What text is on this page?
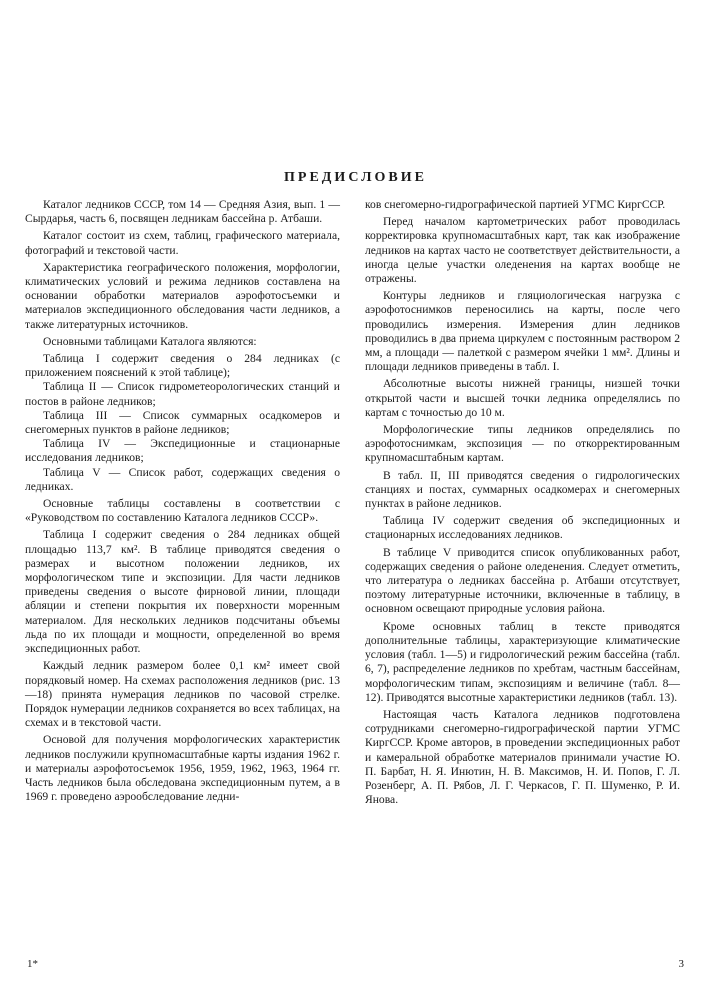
ПРЕДИСЛОВИЕ

Каталог ледников СССР, том 14 — Средняя Азия, вып. 1 — Сырдарья, часть 6, посвящен ледникам бассейна р. Атбаши.

Каталог состоит из схем, таблиц, графического материала, фотографий и текстовой части.

Характеристика географического положения, морфологии, климатических условий и режима ледников составлена на основании обработки материалов аэрофотосъемки и материалов экспедиционного обследования части ледников, а также литературных источников.

Основными таблицами Каталога являются:

Таблица I содержит сведения о 284 ледниках (с приложением пояснений к этой таблице);

Таблица II — Список гидрометеорологических станций и постов в районе ледников;

Таблица III — Список суммарных осадкомеров и снегомерных пунктов в районе ледников;

Таблица IV — Экспедиционные и стационарные исследования ледников;

Таблица V — Список работ, содержащих сведения о ледниках.

Основные таблицы составлены в соответствии с «Руководством по составлению Каталога ледников СССР».

Таблица I содержит сведения о 284 ледниках общей площадью 113,7 км². В таблице приводятся сведения о размерах и высотном положении ледников, их морфологическом типе и экспозиции. Для части ледников приведены сведения о высоте фирновой линии, площади абляции и степени покрытия их поверхности моренным материалом. Для нескольких ледников подсчитаны объемы льда по их площади и мощности, определенной во время экспедиционных работ.

Каждый ледник размером более 0,1 км² имеет свой порядковый номер. На схемах расположения ледников (рис. 13—18) принята нумерация ледников по часовой стрелке. Порядок нумерации ледников сохраняется во всех таблицах, на схемах и в текстовой части.

Основой для получения морфологических характеристик ледников послужили крупномасштабные карты издания 1962 г. и материалы аэрофотосъемок 1956, 1959, 1962, 1963, 1964 гг. Часть ледников была обследована экспедиционным путем, а в 1969 г. проведено аэрообследование ледни-

ков снегомерно-гидрографической партией УГМС КиргССР.

Перед началом картометрических работ проводилась корректировка крупномасштабных карт, так как изображение ледников на картах часто не соответствует действительности, а иногда целые участки оледенения на картах вообще не отражены.

Контуры ледников и гляциологическая нагрузка с аэрофотоснимков переносились на карты, после чего проводились измерения. Измерения длин ледников проводились в два приема циркулем с постоянным раствором 2 мм, а площади — палеткой с размером ячейки 1 мм². Длины и площади ледников приведены в табл. I.

Абсолютные высоты нижней границы, низшей точки открытой части и высшей точки ледника определялись по картам с точностью до 10 м.

Морфологические типы ледников определялись по аэрофотоснимкам, экспозиция — по откорректированным крупномасштабным картам.

В табл. II, III приводятся сведения о гидрологических станциях и постах, суммарных осадкомерах и снегомерных пунктах в районе ледников.

Таблица IV содержит сведения об экспедиционных и стационарных исследованиях ледников.

В таблице V приводится список опубликованных работ, содержащих сведения о районе оледенения. Следует отметить, что литература о ледниках бассейна р. Атбаши отсутствует, поэтому литературные источники, включенные в таблицу, в основном освещают природные условия района.

Кроме основных таблиц в тексте приводятся дополнительные таблицы, характеризующие климатические условия (табл. 1—5) и гидрологический режим бассейна (табл. 6, 7), распределение ледников по хребтам, частным бассейнам, морфологическим типам, экспозициям и величине (табл. 8—12). Приводятся высотные характеристики ледников (табл. 13).

Настоящая часть Каталога ледников подготовлена сотрудниками снегомерно-гидрографической партии УГМС КиргССР. Кроме авторов, в проведении экспедиционных работ и камеральной обработке материалов принимали участие Ю. П. Барбат, Н. Я. Инютин, Н. В. Максимов, Н. И. Попов, Г. Л. Розенберг, А. П. Рябов, Л. Г. Черкасов, Г. П. Шуменко, Р. И. Янова.

1*	3
